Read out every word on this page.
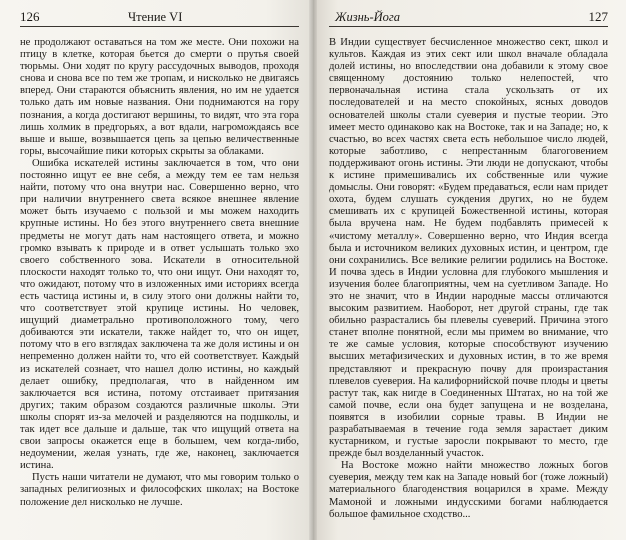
126	Чтение VI

не продолжают оставаться на том же месте. Они похожи на птицу в клетке, которая бьется до смерти о прутья своей тюрьмы. Они ходят по кругу рассудочных выводов, проходя снова и снова все по тем же тропам, и нисколько не двигаясь вперед. Они стараются объяснить явления, но им не удается только дать им новые названия. Они поднимаются на гору познания, а когда достигают вершины, то видят, что эта гора лишь холмик в предгорьях, а вот вдали, нагромождаясь все выше и выше, возвышается цепь за цепью величественные горы, высочайшие пики которых скрыты за облаками.

Ошибка искателей истины заключается в том, что они постоянно ищут ее вне себя, а между тем ее там нельзя найти, потому что она внутри нас. Совершенно верно, что при наличии внутреннего света всякое внешнее явление может быть изучаемо с пользой и мы можем находить крупные истины. Но без этого внутреннего света внешние предметы не могут дать нам настоящего ответа, и можно громко взывать к природе и в ответ услышать только эхо своего собственного зова. Искатели в относительной плоскости находят только то, что они ищут. Они находят то, что ожидают, потому что в изложенных ими историях всегда есть частица истины и, в силу этого они должны найти то, что соответствует этой крупице истины. Но человек, ищущий диаметрально противоположного тому, чего добиваются эти искатели, также найдет то, что он ищет, потому что в его взглядах заключена та же доля истины и он непременно должен найти то, что ей соответствует. Каждый из искателей сознает, что нашел долю истины, но каждый делает ошибку, предполагая, что в найденном им заключается вся истина, потому отстаивает притязания других; таким образом создаются различные школы. Эти школы спорят из-за мелочей и разделяются на подшколы, и так идет все дальше и дальше, так что ищущий ответа на свои запросы окажется еще в большем, чем когда-либо, недоумении, желая узнать, где же, наконец, заключается истина.

Пусть наши читатели не думают, что мы говорим только о западных религиозных и философских школах; на Востоке положение дел нисколько не лучше.

Жизнь-Йога	127

В Индии существует бесчисленное множество сект, школ и культов. Каждая из этих сект или школ вначале обладала долей истины, но впоследствии она добавили к этому свое священному достоянию только нелепостей, что первоначальная истина стала ускользать от их последователей и на место спокойных, ясных доводов основателей школы стали суеверия и пустые теории. Это имеет место одинаково как на Востоке, так и на Западе; но, к счастью, во всех частях света есть небольшое число людей, которые заботливо, с непрестанным благоговением поддерживают огонь истины. Эти люди не допускают, чтобы к истине примешивались их собственные или чужие домыслы. Они говорят: «Будем предаваться, если нам придет охота, будем слушать суждения других, но не будем смешивать их с крупицей Божественной истины, которая была вручена нам. Не будем подбавлять примесей к «чистому металлу». Совершенно верно, что Индия всегда была и источником великих духовных истин, и центром, где они сохранились. Все великие религии родились на Востоке. И почва здесь в Индии условна для глубокого мышления и изучения более благоприятны, чем на суетливом Западе. Но это не значит, что в Индии народные массы отличаются высоким развитием. Наоборот, нет другой страны, где так обильно разрастались бы плевелы суеверий. Причина этого станет вполне понятной, если мы примем во внимание, что те же самые условия, которые способствуют изучению высших метафизических и духовных истин, в то же время представляют и прекрасную почву для произрастания плевелов суеверия. На калифорнийской почве плоды и цветы растут так, как нигде в Соединенных Штатах, но на той же самой почве, если она будет запущена и не возделана, появятся в изобилии сорные травы. В Индии не разрабатываемая в течение года земля зарастает диким кустарником, и густые заросли покрывают то место, где прежде был возделанный участок.

На Востоке можно найти множество ложных богов суеверия, между тем как на Западе новый бог (тоже ложный) материального благоденствия воцарился в храме. Между Мамоной и ложными индусскими богами наблюдается большое фамильное сходство...
